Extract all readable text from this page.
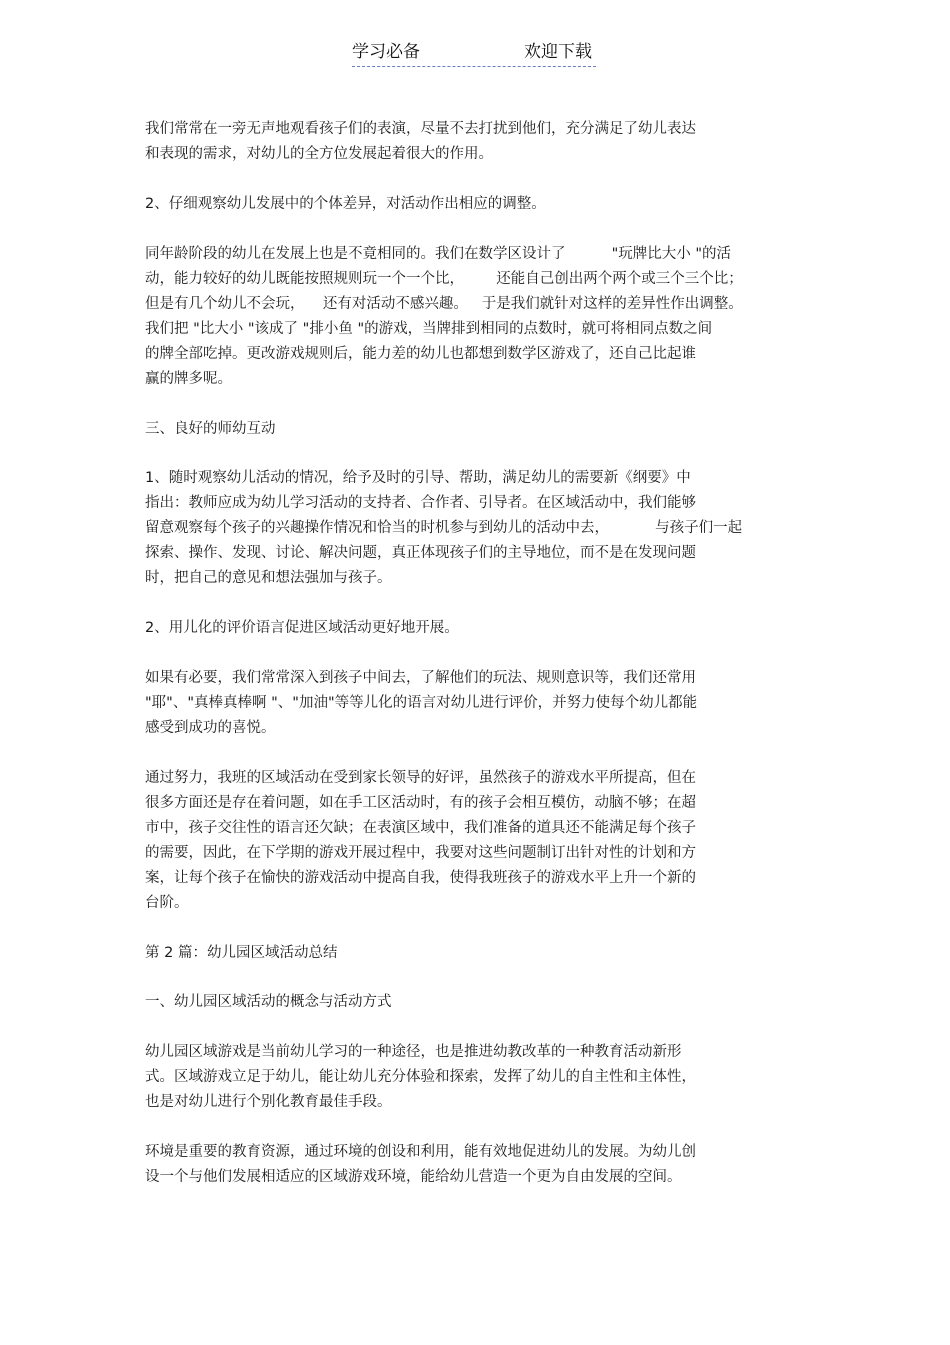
学习必备	欢迎下载
我们常常在一旁无声地观看孩子们的表演，尽量不去打扰到他们，充分满足了幼儿表达
和表现的需求，对幼儿的全方位发展起着很大的作用。
2、仔细观察幼儿发展中的个体差异，对活动作出相应的调整。
同年龄阶段的幼儿在发展上也是不竟相同的。我们在数学区设计了          "玩牌比大小 "的活
动，能力较好的幼儿既能按照规则玩一个一个比，       还能自己创出两个两个或三个三个比；
但是有几个幼儿不会玩，    还有对活动不感兴趣。   于是我们就针对这样的差异性作出调整。
我们把 "比大小 "该成了 "排小鱼 "的游戏，当牌排到相同的点数时，就可将相同点数之间
的牌全部吃掉。更改游戏规则后，能力差的幼儿也都想到数学区游戏了，还自己比起谁
赢的牌多呢。
三、良好的师幼互动
1、随时观察幼儿活动的情况，给予及时的引导、帮助，满足幼儿的需要新《纲要》中
指出：教师应成为幼儿学习活动的支持者、合作者、引导者。在区域活动中，我们能够
留意观察每个孩子的兴趣操作情况和恰当的时机参与到幼儿的活动中去，          与孩子们一起
探索、操作、发现、讨论、解决问题，真正体现孩子们的主导地位，而不是在发现问题
时，把自己的意见和想法强加与孩子。
2、用儿化的评价语言促进区域活动更好地开展。
如果有必要，我们常常深入到孩子中间去，了解他们的玩法、规则意识等，我们还常用
"耶"、"真棒真棒啊 "、"加油"等等儿化的语言对幼儿进行评价，并努力使每个幼儿都能
感受到成功的喜悦。
通过努力，我班的区域活动在受到家长领导的好评，虽然孩子的游戏水平所提高，但在
很多方面还是存在着问题，如在手工区活动时，有的孩子会相互模仿，动脑不够；在超
市中，孩子交往性的语言还欠缺；在表演区域中，我们准备的道具还不能满足每个孩子
的需要，因此，在下学期的游戏开展过程中，我要对这些问题制订出针对性的计划和方
案，让每个孩子在愉快的游戏活动中提高自我，使得我班孩子的游戏水平上升一个新的
台阶。
第 2 篇：幼儿园区域活动总结
一、幼儿园区域活动的概念与活动方式
幼儿园区域游戏是当前幼儿学习的一种途径，也是推进幼教改革的一种教育活动新形
式。区域游戏立足于幼儿，能让幼儿充分体验和探索，发挥了幼儿的自主性和主体性，
也是对幼儿进行个别化教育最佳手段。
环境是重要的教育资源，通过环境的创设和利用，能有效地促进幼儿的发展。为幼儿创
设一个与他们发展相适应的区域游戏环境，能给幼儿营造一个更为自由发展的空间。
